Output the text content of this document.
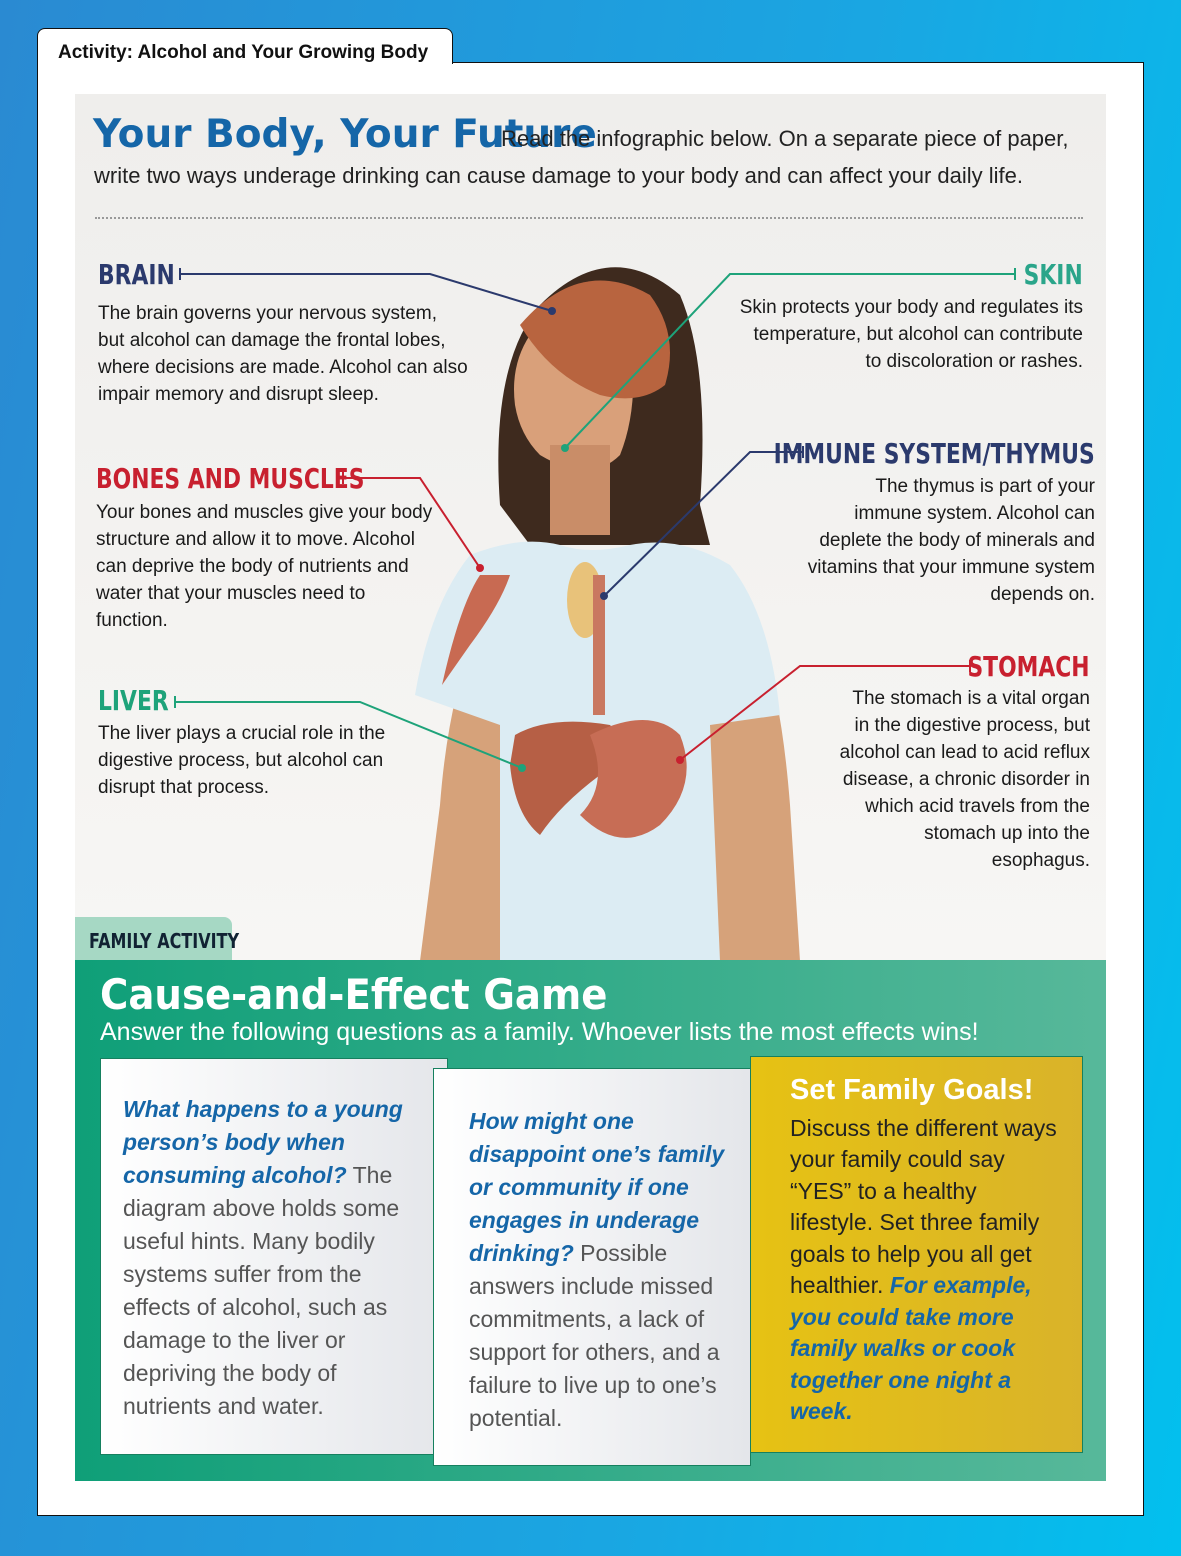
Activity: Alcohol and Your Growing Body
Your Body, Your Future
Read the infographic below. On a separate piece of paper,
write two ways underage drinking can cause damage to your body and can affect your daily life.
BRAIN
The brain governs your nervous system, but alcohol can damage the frontal lobes, where decisions are made. Alcohol can also impair memory and disrupt sleep.
BONES AND MUSCLES
Your bones and muscles give your body structure and allow it to move. Alcohol can deprive the body of nutrients and water that your muscles need to function.
LIVER
The liver plays a crucial role in the digestive process, but alcohol can disrupt that process.
SKIN
Skin protects your body and regulates its temperature, but alcohol can contribute to discoloration or rashes.
IMMUNE SYSTEM/THYMUS
The thymus is part of your immune system. Alcohol can deplete the body of minerals and vitamins that your immune system depends on.
STOMACH
The stomach is a vital organ in the digestive process, but alcohol can lead to acid reflux disease, a chronic disorder in which acid travels from the stomach up into the esophagus.
FAMILY ACTIVITY
Cause-and-Effect Game
Answer the following questions as a family. Whoever lists the most effects wins!
What happens to a young person’s body when consuming alcohol? The diagram above holds some useful hints. Many bodily systems suffer from the effects of alcohol, such as damage to the liver or depriving the body of nutrients and water.
How might one disappoint one’s family or community if one engages in underage drinking? Possible answers include missed commitments, a lack of support for others, and a failure to live up to one’s potential.
Set Family Goals!
Discuss the different ways your family could say “YES” to a healthy lifestyle. Set three family goals to help you all get healthier. For example, you could take more family walks or cook together one night a week.
